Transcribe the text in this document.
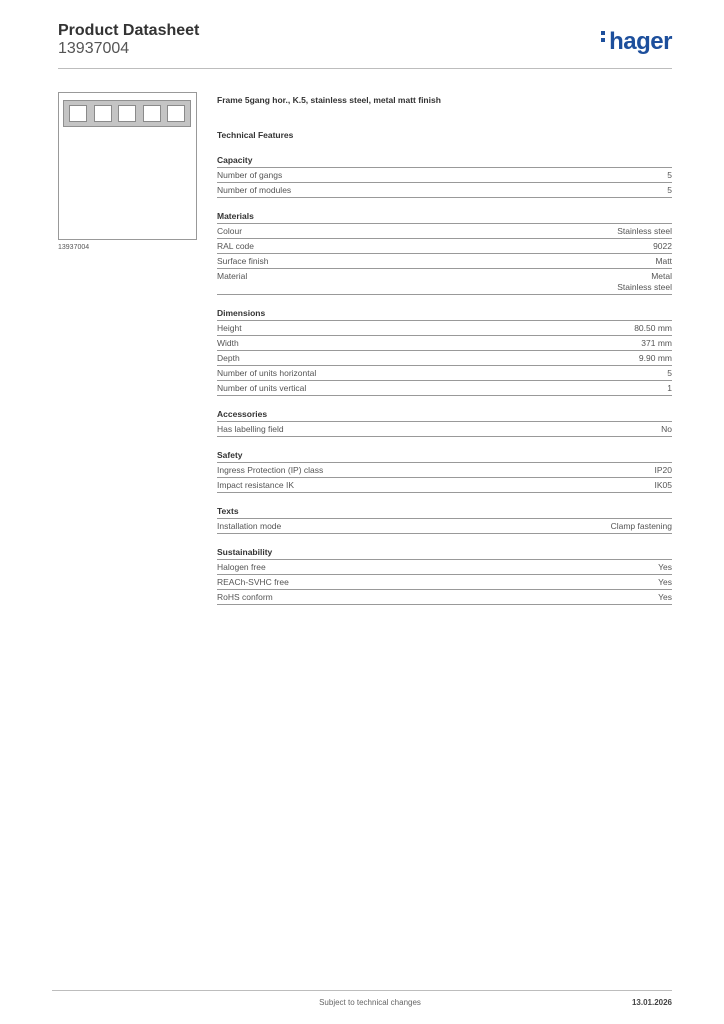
Product Datasheet
13937004	hager
13937004
Frame 5gang hor., K.5, stainless steel, metal matt finish
Technical Features
Capacity
Number of gangs	5
Number of modules	5
Materials
Colour	Stainless steel
RAL code	9022
Surface finish	Matt
Material	Metal
Stainless steel
Dimensions
Height	80.50 mm
Width	371 mm
Depth	9.90 mm
Number of units horizontal	5
Number of units vertical	1
Accessories
Has labelling field	No
Safety
Ingress Protection (IP) class	IP20
Impact resistance IK	IK05
Texts
Installation mode	Clamp fastening
Sustainability
Halogen free	Yes
REACh-SVHC free	Yes
RoHS conform	Yes
Subject to technical changes	13.01.2026
